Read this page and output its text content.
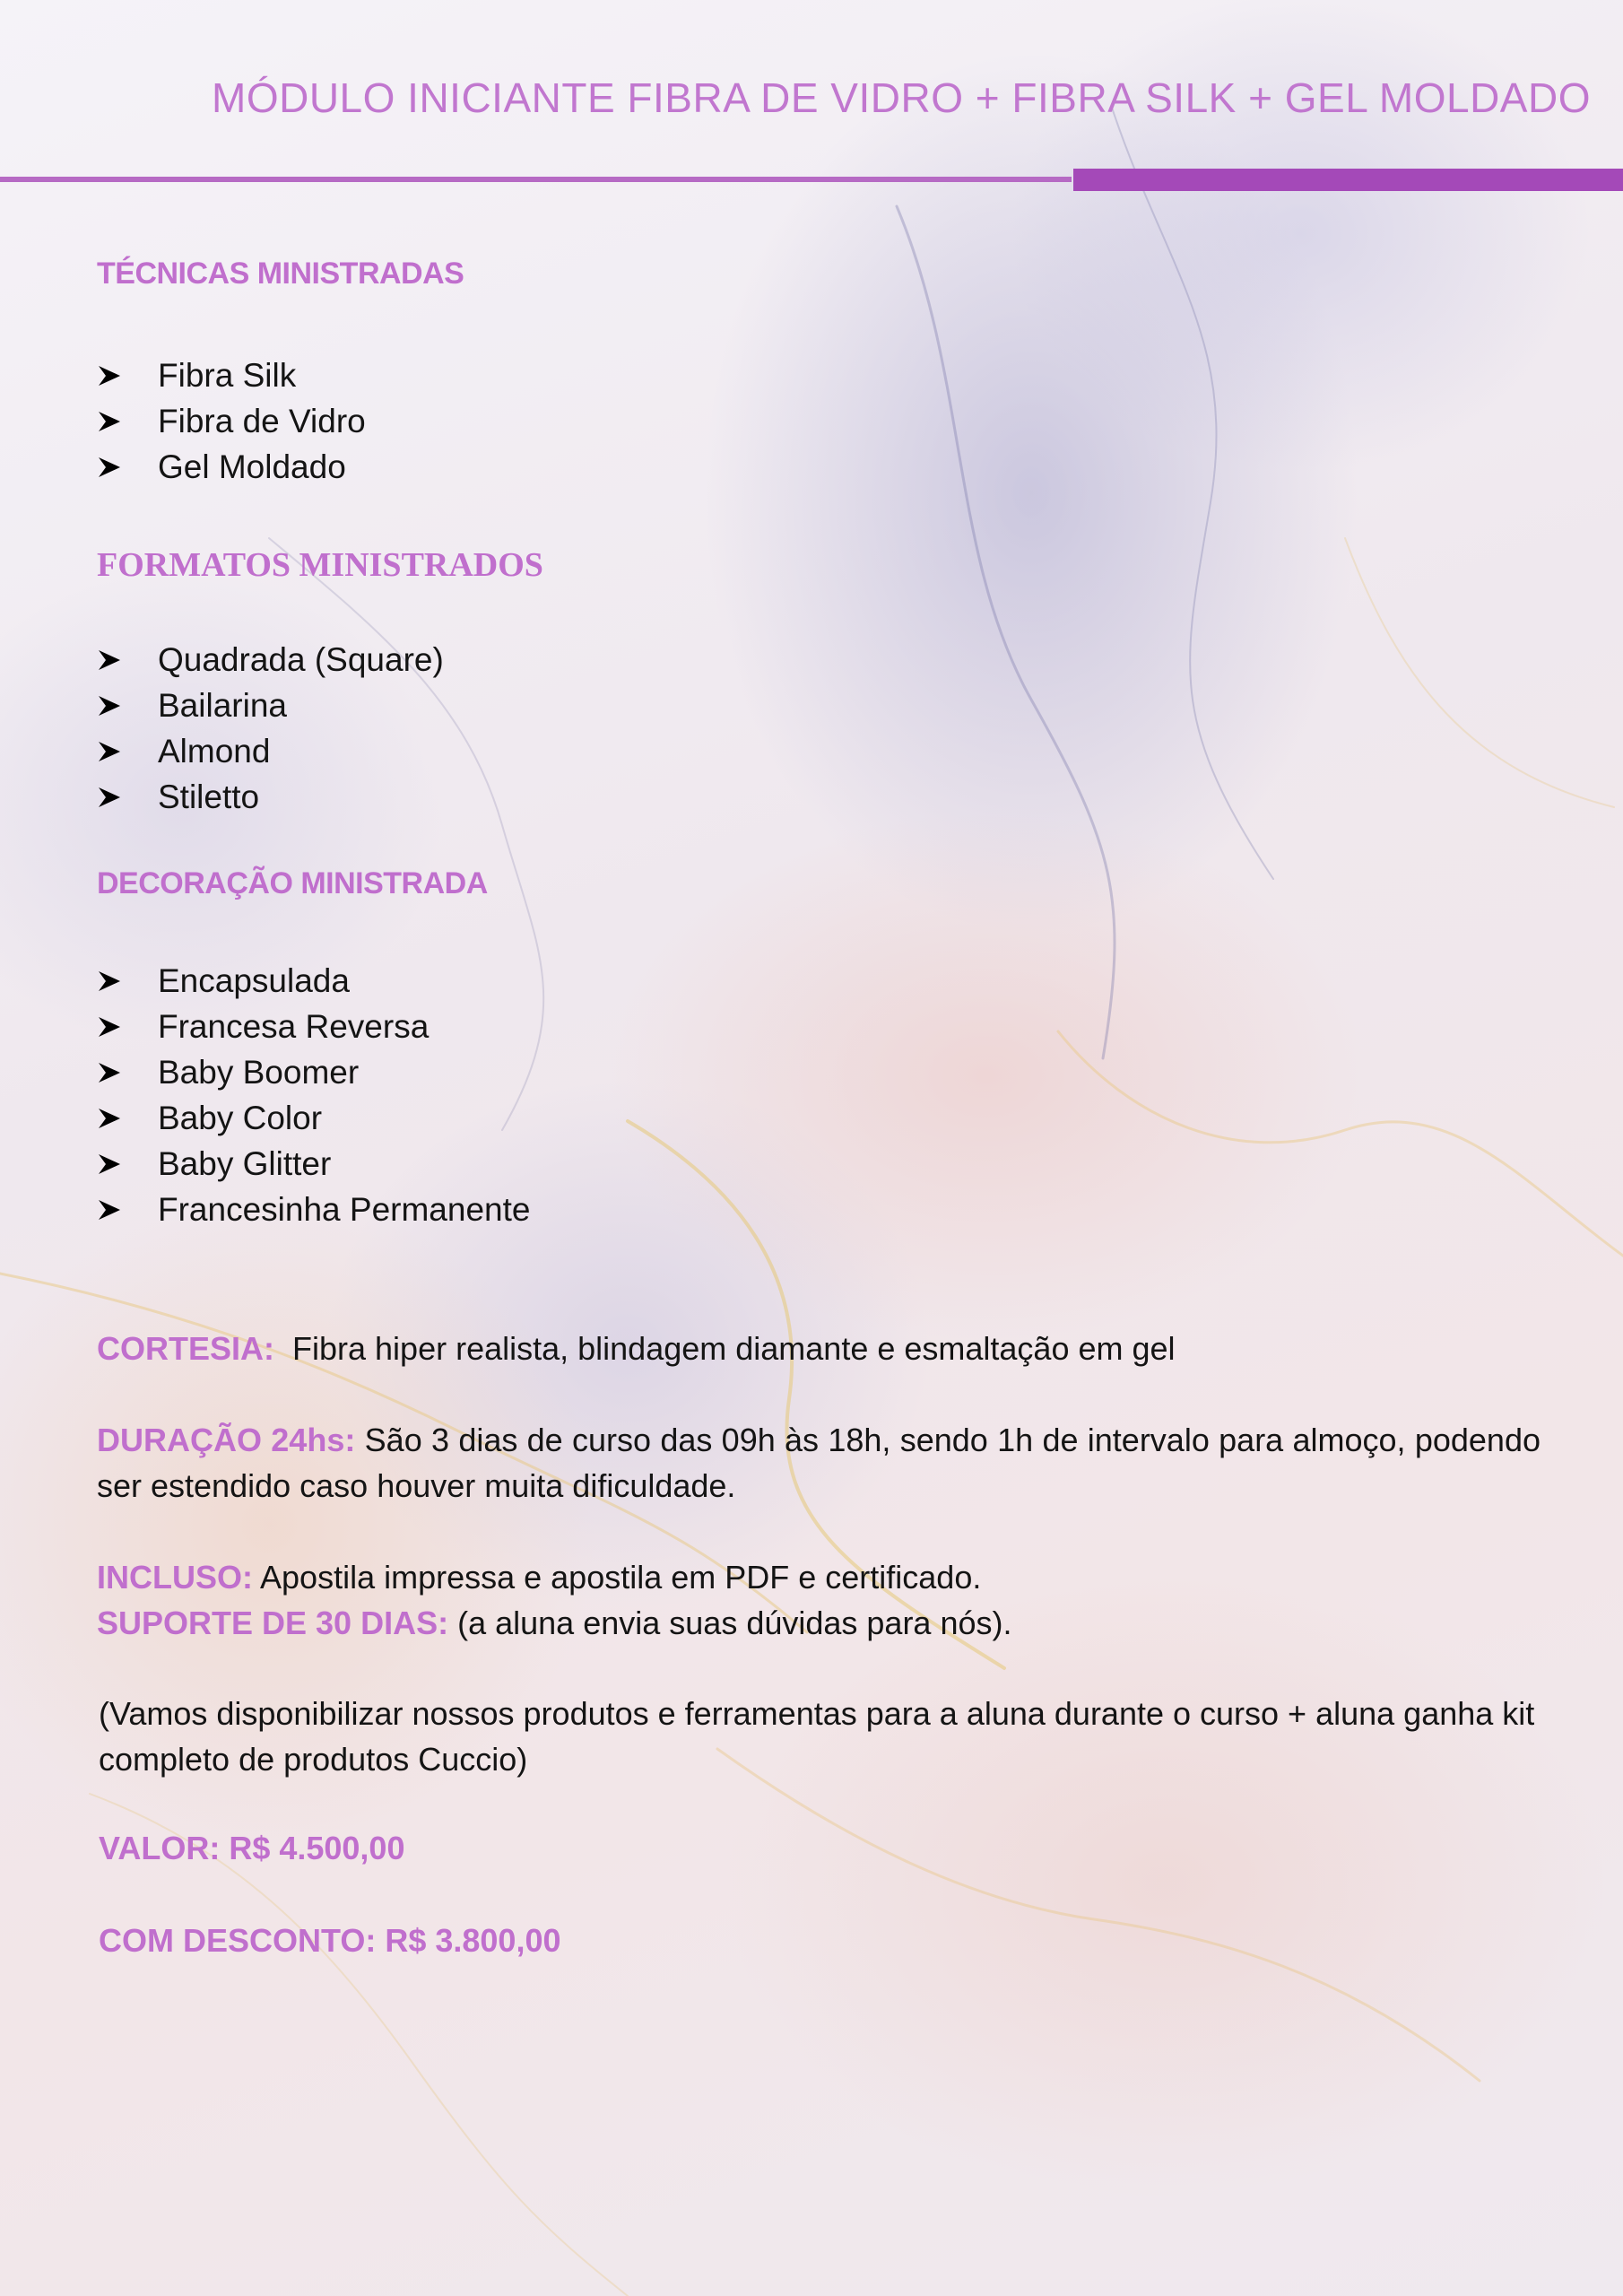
MÓDULO INICIANTE FIBRA DE VIDRO + FIBRA SILK + GEL MOLDADO
TÉCNICAS MINISTRADAS
Fibra Silk
Fibra de Vidro
Gel Moldado
FORMATOS MINISTRADOS
Quadrada (Square)
Bailarina
Almond
Stiletto
DECORAÇÃO MINISTRADA
Encapsulada
Francesa Reversa
Baby Boomer
Baby Color
Baby Glitter
Francesinha Permanente
CORTESIA: Fibra hiper realista, blindagem diamante e esmaltação em gel
DURAÇÃO 24hs: São 3 dias de curso das 09h às 18h, sendo 1h de intervalo para almoço, podendo ser estendido caso houver muita dificuldade.
INCLUSO: Apostila impressa e apostila em PDF e certificado.
SUPORTE DE 30 DIAS: (a aluna envia suas dúvidas para nós).
(Vamos disponibilizar nossos produtos e ferramentas para a aluna durante o curso + aluna ganha kit completo de produtos Cuccio)
VALOR: R$ 4.500,00
COM DESCONTO: R$ 3.800,00
